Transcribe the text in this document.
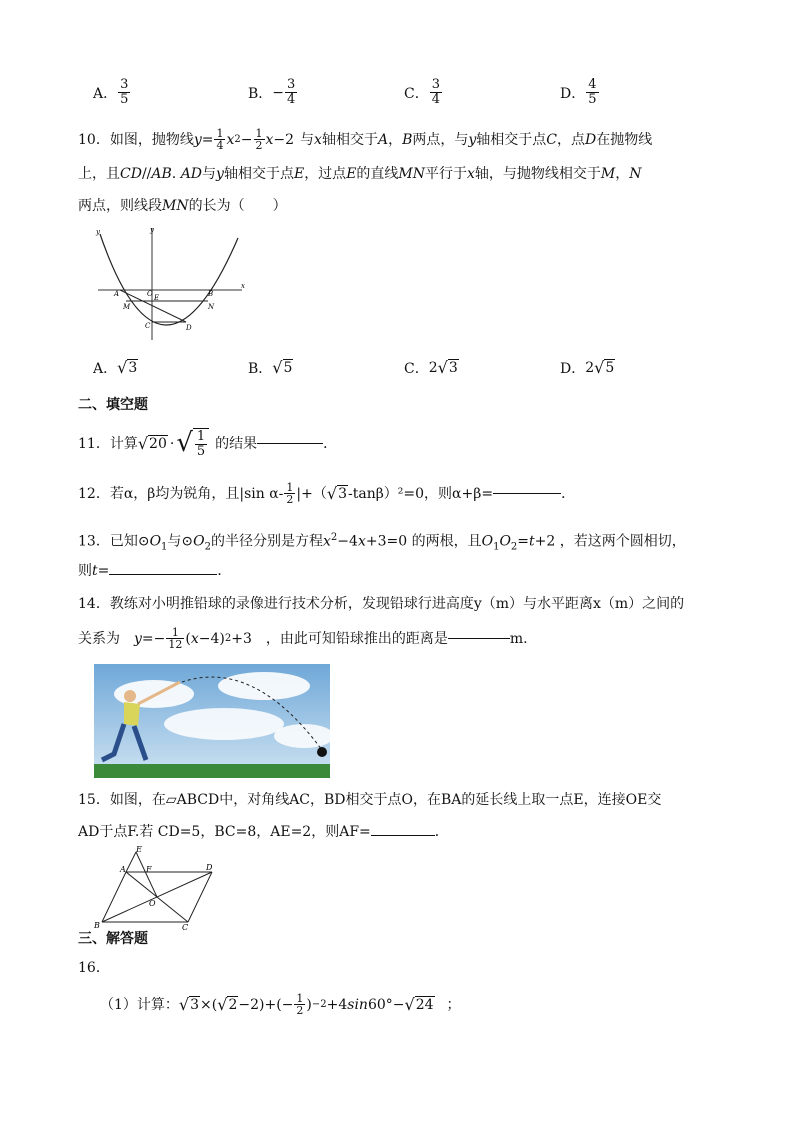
A． $\frac{3}{5}$	B． − $\frac{3}{4}$	C． $\frac{3}{4}$	D． $\frac{4}{5}$
10． 如图，抛物线 $y = \frac{1}{4}$ x $2 - \frac{1}{2}$ x −2 与 x 轴相交于 A ， B 两点，与 y 轴相交于点 C ，点 D 在抛物线
上，且CD//AB. AD与y轴相交于点E，过点E的直线MN平行于x轴，与抛物线相交于M，N
两点，则线段MN的长为（　　）
y	y
x
A	O	B
E
M	N
C	D
A． √ 3	B． √ 5	C． 2 √ 3	D． 2 √ 5
二、填空题
11． 计算 √ 20 · √ $\frac{1}{5}$ 的结果	．
12． 若α，β均为锐角，且|sin $\alpha- \frac{1}{2}$ |+（ √ 3 -tanβ）²=0，则α+β=	．
13．已知$⊙O_1$与$⊙O_2$的半径分别是方程$x^2-4x+3=0$ 的两根，且$O_1O_2=t+2$ ，若这两个圆相切，
则t=	．
14．教练对小明推铅球的录像进行技术分析，发现铅球行进高度y（m）与水平距离x（m）之间的
关系为 $y=- \frac{1}{12}$ ( x −4) 2 +3 ，由此可知铅球推出的距离是	m.
15．如图，在▱ABCD中，对角线AC，BD相交于点O，在BA的延长线上取一点E，连接OE交
AD于点F.若 CD=5，BC=8，AE=2，则AF=	．
E
A	F	D
O
B	C
三、解答题
16．
（1）计算： √ 3 ×( √ $2 -2)+(- \frac{1}{2}$ ) −2 +4 sin 60°− √ 24 ；
